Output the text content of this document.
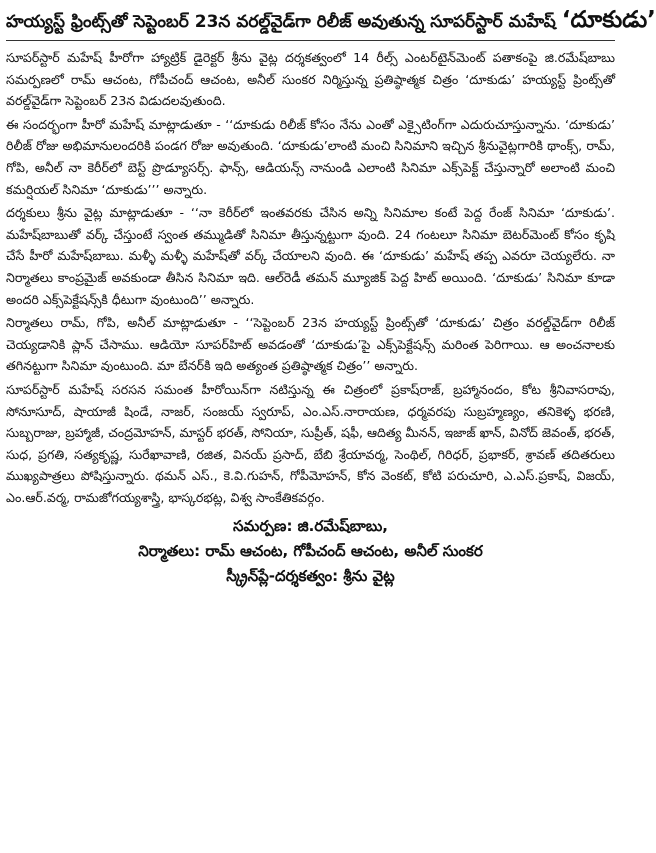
హయ్యస్ట్ ఫ్రింట్స్‌తో సెప్టెంబర్ 23న వరల్డ్‌వైడ్‌గా రిలీజ్ అవుతున్న సూపర్‌స్టార్ మహేష్ ‘దూకుడు’

సూపర్‌స్టార్ మహేష్ హీరోగా హ్యాట్రిక్ డైరెక్టర్ శ్రీను వైట్ల దర్శకత్వంలో 14 రీల్స్ ఎంటర్‌టైన్‌మెంట్ పతాకంపై జి.రమేష్‌బాబు సమర్పణలో రామ్ ఆచంట, గోపీచంద్ ఆచంట, అనీల్ సుంకర నిర్మిస్తున్న ప్రతిష్ఠాత్మక చిత్రం ‘దూకుడు’ హయ్యస్ట్ ప్రింట్స్‌తో వరల్డ్‌వైడ్‌గా సెప్టెంబర్ 23న విడుదలవుతుంది.

ఈ సందర్భంగా హీరో మహేష్ మాట్లాడుతూ - ‘‘దూకుడు రిలీజ్ కోసం నేను ఎంతో ఎక్సైటింగ్‌గా ఎదురుచూస్తున్నాను. ‘దూకుడు’ రిలీజ్ రోజు అభిమానులందరికి పండగ రోజు అవుతుంది. ‘దూకుడు’లాంటి మంచి సినిమాని ఇచ్చిన శ్రీనువైట్లగారికి థాంక్స్, రామ్, గోపి, అనీల్ నా కెరీర్‌లో బెస్ట్ ప్రొడ్యూసర్స్. ఫాన్స్, ఆడియన్స్ నానుండి ఎలాంటి సినిమా ఎక్స్‌పెక్ట్ చేస్తున్నారో అలాంటి మంచి కమర్షియల్ సినిమా ‘దూకుడు’’’ అన్నారు.

దర్శకులు శ్రీను వైట్ల మాట్లాడుతూ - ‘‘నా కెరీర్‌లో ఇంతవరకు చేసిన అన్ని సినిమాల కంటే పెద్ద రేంజ్ సినిమా ‘దూకుడు’. మహేష్‌బాబుతో వర్క్ చేస్తుంటే స్వంత తమ్ముడితో సినిమా తీస్తున్నట్టుగా వుంది. 24 గంటలూ సినిమా బెటర్‌మెంట్ కోసం కృషి చేసే హీరో మహేష్‌బాబు. మళ్ళీ మళ్ళీ మహేష్‌తో వర్క్ చేయాలని వుంది. ఈ ‘దూకుడు’ మహేష్ తప్ప ఎవరూ చెయ్యలేరు. నా నిర్మాతలు కాంప్రమైజ్ అవకుండా తీసిన సినిమా ఇది. ఆల్‌రెడీ తమన్ మ్యూజిక్ పెద్ద హిట్ అయింది. ‘దూకుడు’ సినిమా కూడా అందరి ఎక్స్‌పెక్టేషన్స్‌కి ధీటుగా వుంటుంది’’ అన్నారు.

నిర్మాతలు రామ్, గోపి, అనీల్ మాట్లాడుతూ - ‘‘సెప్టెంబర్ 23న హయ్యస్ట్ ప్రింట్స్‌తో ‘దూకుడు’ చిత్రం వరల్డ్‌వైడ్‌గా రిలీజ్ చెయ్యడానికి ప్లాన్ చేసాము. ఆడియో సూపర్‌హిట్ అవడంతో ‘దూకుడు’పై ఎక్స్‌పెక్టేషన్స్ మరింత పెరిగాయి. ఆ అంచనాలకు తగినట్టుగా సినిమా వుంటుంది. మా బేనర్‌కి ఇది అత్యంత ప్రతిష్ఠాత్మక చిత్రం’’ అన్నారు.

సూపర్‌స్టార్ మహేష్ సరసన సమంత హీరోయిన్‌గా నటిస్తున్న ఈ చిత్రంలో ప్రకాష్‌రాజ్, బ్రహ్మానందం, కోట శ్రీనివాసరావు, సోనూసూద్, షాయాజీ షిండే, నాజర్, సంజయ్ స్వరూప్, ఎం.ఎస్.నారాయణ, ధర్మవరపు సుబ్రహ్మణ్యం, తనికెళ్ళ భరణి, సుబ్బరాజు, బ్రహ్మాజీ, చంద్రమోహన్, మాస్టర్ భరత్, సోనియా, సుప్రీత్, షఫీ, ఆదిత్య మీనన్, ఇజాజ్ ఖాన్, వినోద్ జెవంత్, భరత్, సుధ, ప్రగతి, సత్యకృష్ణ, సురేఖావాణి, రజిత, వినయ్ ప్రసాద్, బేబి శ్రేయావర్మ, సెంథిల్, గిరిధర్, ప్రభాకర్, శ్రావణ్ తదితరులు ముఖ్యపాత్రలు పోషిస్తున్నారు. థమన్ ఎస్., కె.వి.గుహన్, గోపీమోహన్, కోన వెంకట్, కోటి పరుచూరి, ఎ.ఎస్.ప్రకాష్, విజయ్, ఎం.ఆర్.వర్మ, రామజోగయ్యశాస్త్రి, భాస్కరభట్ల, విశ్వ సాంకేతికవర్గం.

సమర్పణ: జి.రమేష్‌బాబు,
నిర్మాతలు: రామ్ ఆచంట, గోపీచంద్ ఆచంట, అనీల్ సుంకర
స్క్రీన్‌ప్లే-దర్శకత్వం: శ్రీను వైట్ల
